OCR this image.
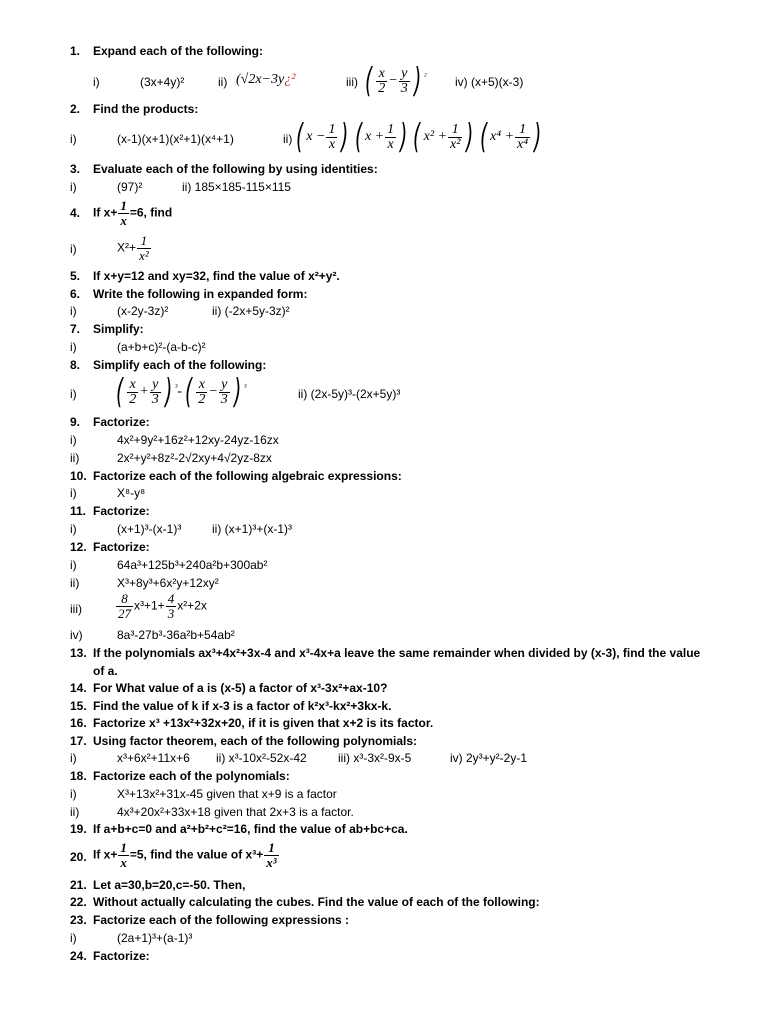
1. Expand each of the following:
i)	(3x+4y)²	ii) (√2x−3y¿²	iii) ( $\frac{x}{2} - \frac{y}{3}$ ) $^{^2}$ iv) (x+5)(x-3)
2. Find the products:
i)	(x-1)(x+1)(x²+1)(x⁴+1)	ii) ( $x - \frac{1}{x}$ ) ( $x + \frac{1}{x}$ ) ( $x^2 + \frac{1}{\text{x²}}$ ) ( $x^4 + \frac{1}{\text{x⁴}}$ )
3. Evaluate each of the following by using identities:
i)	(97)²	ii) 185×185-115×115
4. If $x+ \frac{1}{x} =6$, find
i)	$X^2+ \frac{1}{\text{x²}}$
5. If x+y=12 and xy=32, find the value of x²+y².
6. Write the following in expanded form:
i)	(x-2y-3z)²	ii) (-2x+5y-3z)²
7. Simplify:
i)	(a+b+c)²-(a-b-c)²
8. Simplify each of the following:
i) ( $\frac{x}{2} + \frac{y}{3}$ ) $^{^3}-( \frac{x}{2} - \frac{y}{3}$ ) $^{^3}$	ii) (2x-5y)³-(2x+5y)³
9. Factorize:
i)	4x²+9y²+16z²+12xy-24yz-16zx
ii)	2x²+y²+8z²-2√2xy+4√2yz-8zx
10. Factorize each of the following algebraic expressions:
i)	X⁸-y⁸
11. Factorize:
i)	(x+1)³-(x-1)³	ii) (x+1)³+(x-1)³
12. Factorize:
i)	64a³+125b³+240a²b+300ab²
ii)	X³+8y³+6x²y+12xy²
iii)	$\frac{8}{27} x^3+1+ \frac{4}{3} x^2+2x$
iv)	8a³-27b³-36a²b+54ab²
13. If the polynomials ax³+4x²+3x-4 and x³-4x+a leave the same remainder when divided by (x-3), find the value
of a.
14. For What value of a is (x-5) a factor of x³-3x²+ax-10?
15. Find the value of k if x-3 is a factor of k²x³-kx²+3kx-k.
16. Factorize x³ +13x²+32x+20, if it is given that x+2 is its factor.
17. Using factor theorem, each of the following polynomials:
i)	x³+6x²+11x+6 ii) x³-10x²-52x-42	iii) x³-3x²-9x-5	iv) 2y³+y²-2y-1
18. Factorize each of the polynomials:
i)	X³+13x²+31x-45 given that x+9 is a factor
ii)	4x³+20x²+33x+18 given that 2x+3 is a factor.
19. If a+b+c=0 and a²+b²+c²=16, find the value of ab+bc+ca.
20. If $x+ \frac{1}{x} =5$, find the value of $x^3+ \frac{1}{\text{x³}}$
21. Let a=30,b=20,c=-50. Then,
22. Without actually calculating the cubes. Find the value of each of the following:
23. Factorize each of the following expressions :
i)	(2a+1)³+(a-1)³
24. Factorize:
